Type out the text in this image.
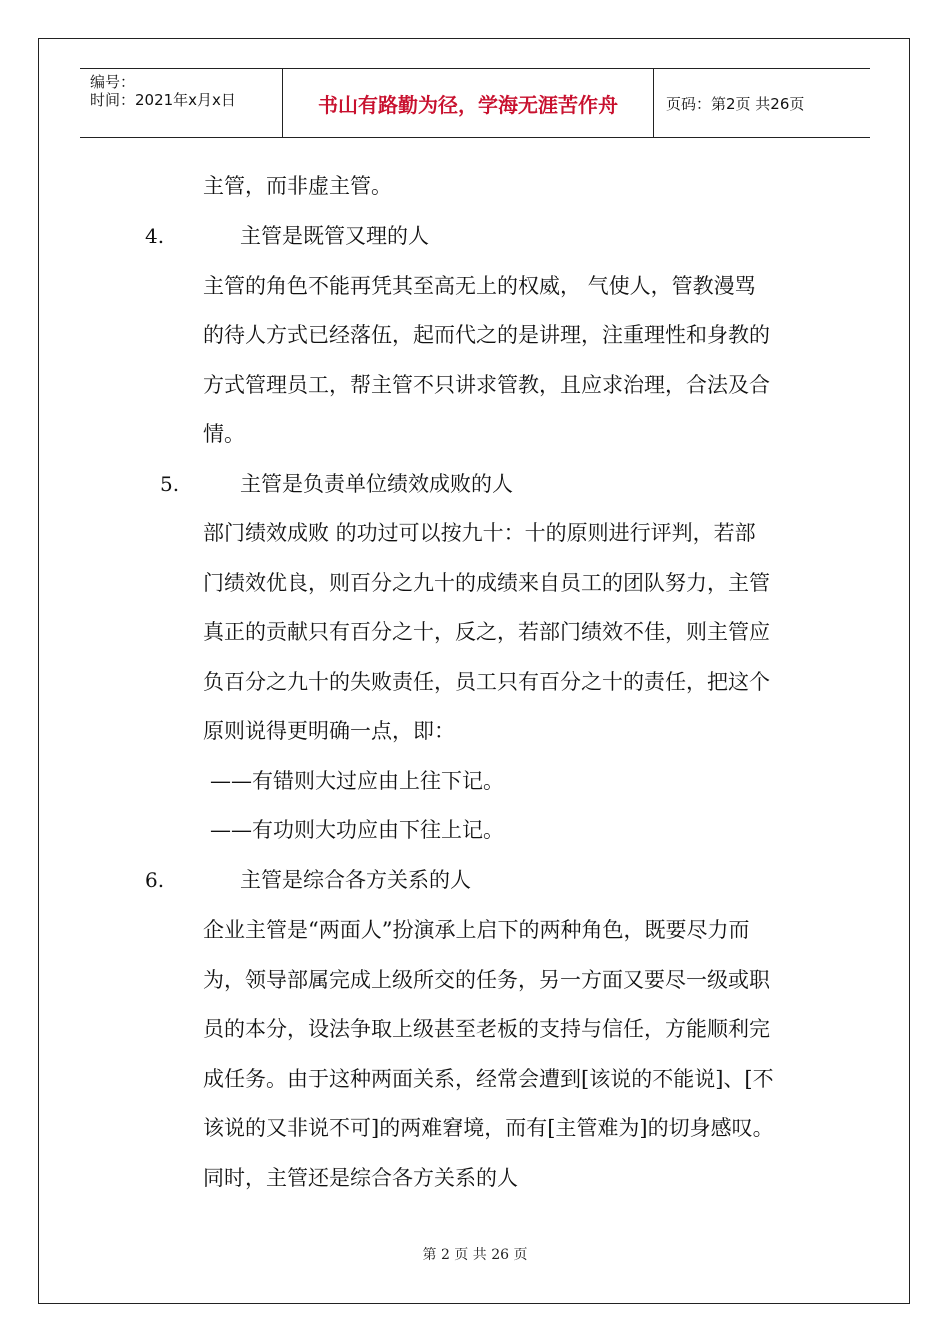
编号：
时间：2021年x月x日	书山有路勤为径，学海无涯苦作舟	页码：第2页 共26页
主管，而非虚主管。
4.	主管是既管又理的人
主管的角色不能再凭其至高无上的权威， 气使人，管教漫骂
的待人方式已经落伍，起而代之的是讲理，注重理性和身教的
方式管理员工，帮主管不只讲求管教，且应求治理，合法及合
情。
5.	主管是负责单位绩效成败的人
部门绩效成败 的功过可以按九十：十的原则进行评判，若部
门绩效优良，则百分之九十的成绩来自员工的团队努力，主管
真正的贡献只有百分之十，反之，若部门绩效不佳，则主管应
负百分之九十的失败责任，员工只有百分之十的责任，把这个
原则说得更明确一点，即：
——有错则大过应由上往下记。
——有功则大功应由下往上记。
6.	主管是综合各方关系的人
企业主管是“两面人”扮演承上启下的两种角色，既要尽力而
为，领导部属完成上级所交的任务，另一方面又要尽一级或职
员的本分，设法争取上级甚至老板的支持与信任，方能顺利完
成任务。由于这种两面关系，经常会遭到[该说的不能说]、[不
该说的又非说不可]的两难窘境，而有[主管难为]的切身感叹。
同时，主管还是综合各方关系的人
第 2 页 共 26 页
